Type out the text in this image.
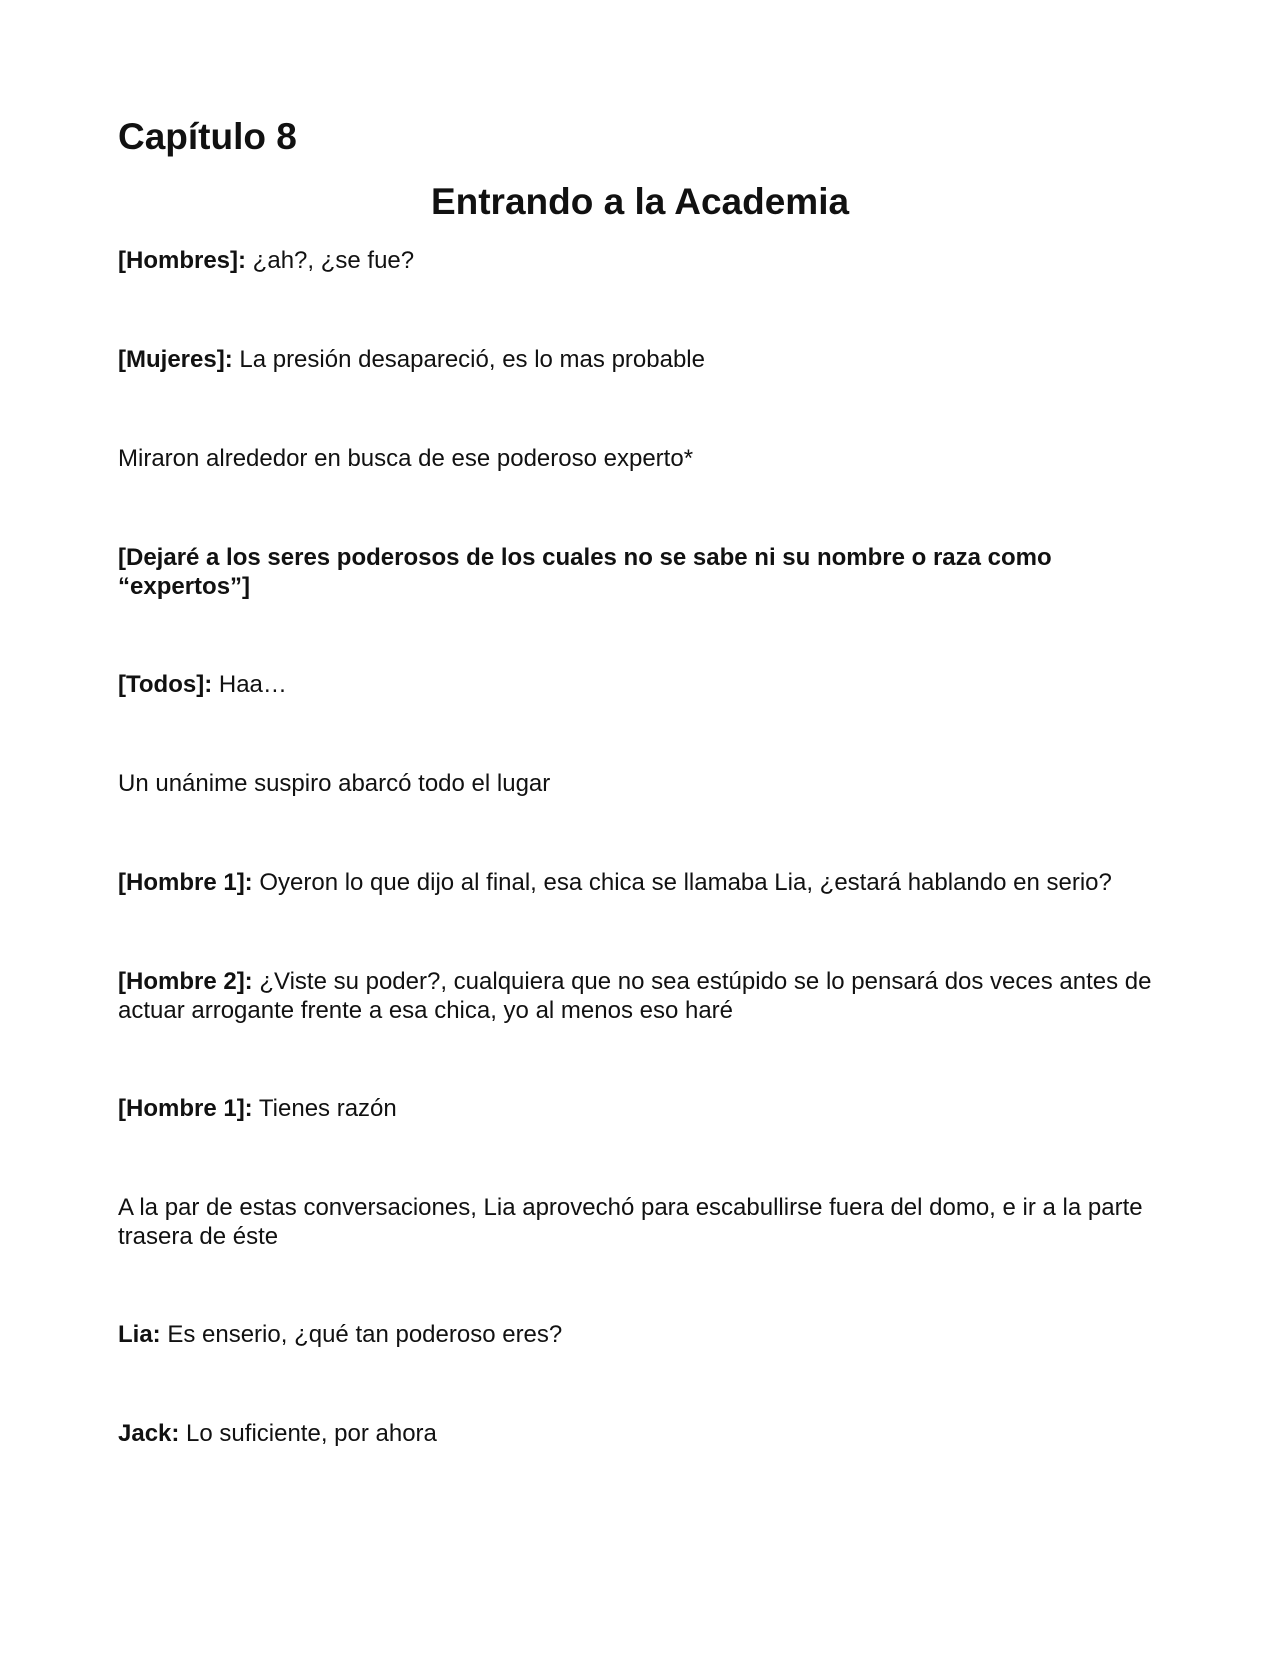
Capítulo 8
Entrando a la Academia

[Hombres]: ¿ah?, ¿se fue?

[Mujeres]: La presión desapareció, es lo mas probable

Miraron alrededor en busca de ese poderoso experto*

[Dejaré a los seres poderosos de los cuales no se sabe ni su nombre o raza como “expertos”]

[Todos]: Haa…

Un unánime suspiro abarcó todo el lugar

[Hombre 1]: Oyeron lo que dijo al final, esa chica se llamaba Lia, ¿estará hablando en serio?

[Hombre 2]: ¿Viste su poder?, cualquiera que no sea estúpido se lo pensará dos veces antes de actuar arrogante frente a esa chica, yo al menos eso haré

[Hombre 1]: Tienes razón

A la par de estas conversaciones, Lia aprovechó para escabullirse fuera del domo, e ir a la parte trasera de éste

Lia: Es enserio, ¿qué tan poderoso eres?

Jack: Lo suficiente, por ahora
